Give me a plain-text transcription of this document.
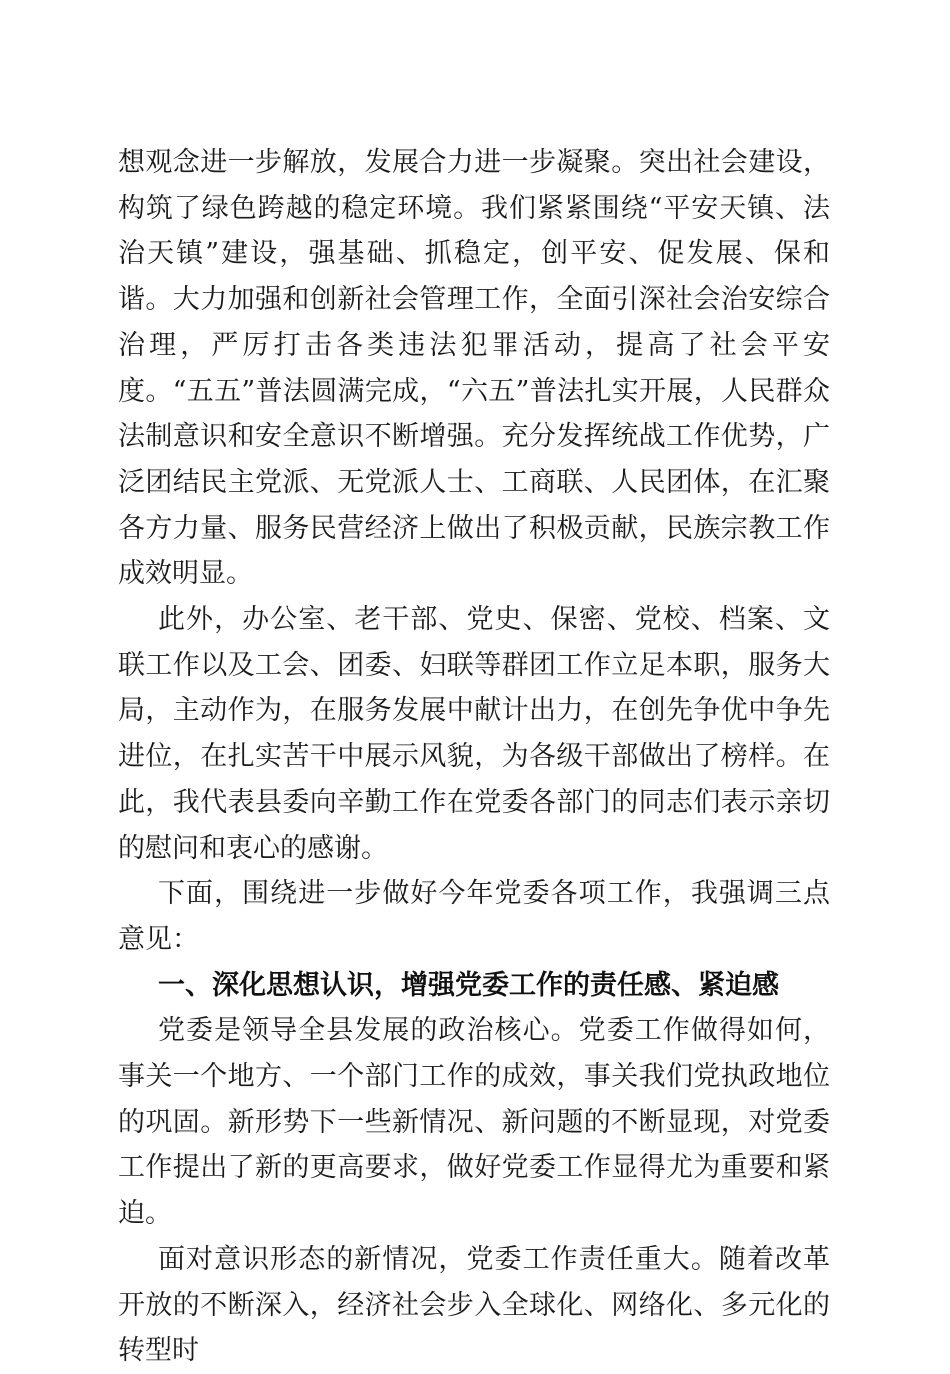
想观念进一步解放，发展合力进一步凝聚。突出社会建设，构筑了绿色跨越的稳定环境。我们紧紧围绕“平安天镇、法治天镇”建设，强基础、抓稳定，创平安、促发展、保和谐。大力加强和创新社会管理工作，全面引深社会治安综合治理，严厉打击各类违法犯罪活动，提高了社会平安度。“五五”普法圆满完成，“六五”普法扎实开展，人民群众法制意识和安全意识不断增强。充分发挥统战工作优势，广泛团结民主党派、无党派人士、工商联、人民团体，在汇聚各方力量、服务民营经济上做出了积极贡献，民族宗教工作成效明显。

此外，办公室、老干部、党史、保密、党校、档案、文联工作以及工会、团委、妇联等群团工作立足本职，服务大局，主动作为，在服务发展中献计出力，在创先争优中争先进位，在扎实苦干中展示风貌，为各级干部做出了榜样。在此，我代表县委向辛勤工作在党委各部门的同志们表示亲切的慰问和衷心的感谢。

下面，围绕进一步做好今年党委各项工作，我强调三点意见：

一、深化思想认识，增强党委工作的责任感、紧迫感

党委是领导全县发展的政治核心。党委工作做得如何，事关一个地方、一个部门工作的成效，事关我们党执政地位的巩固。新形势下一些新情况、新问题的不断显现，对党委工作提出了新的更高要求，做好党委工作显得尤为重要和紧迫。

面对意识形态的新情况，党委工作责任重大。随着改革开放的不断深入，经济社会步入全球化、网络化、多元化的转型时
